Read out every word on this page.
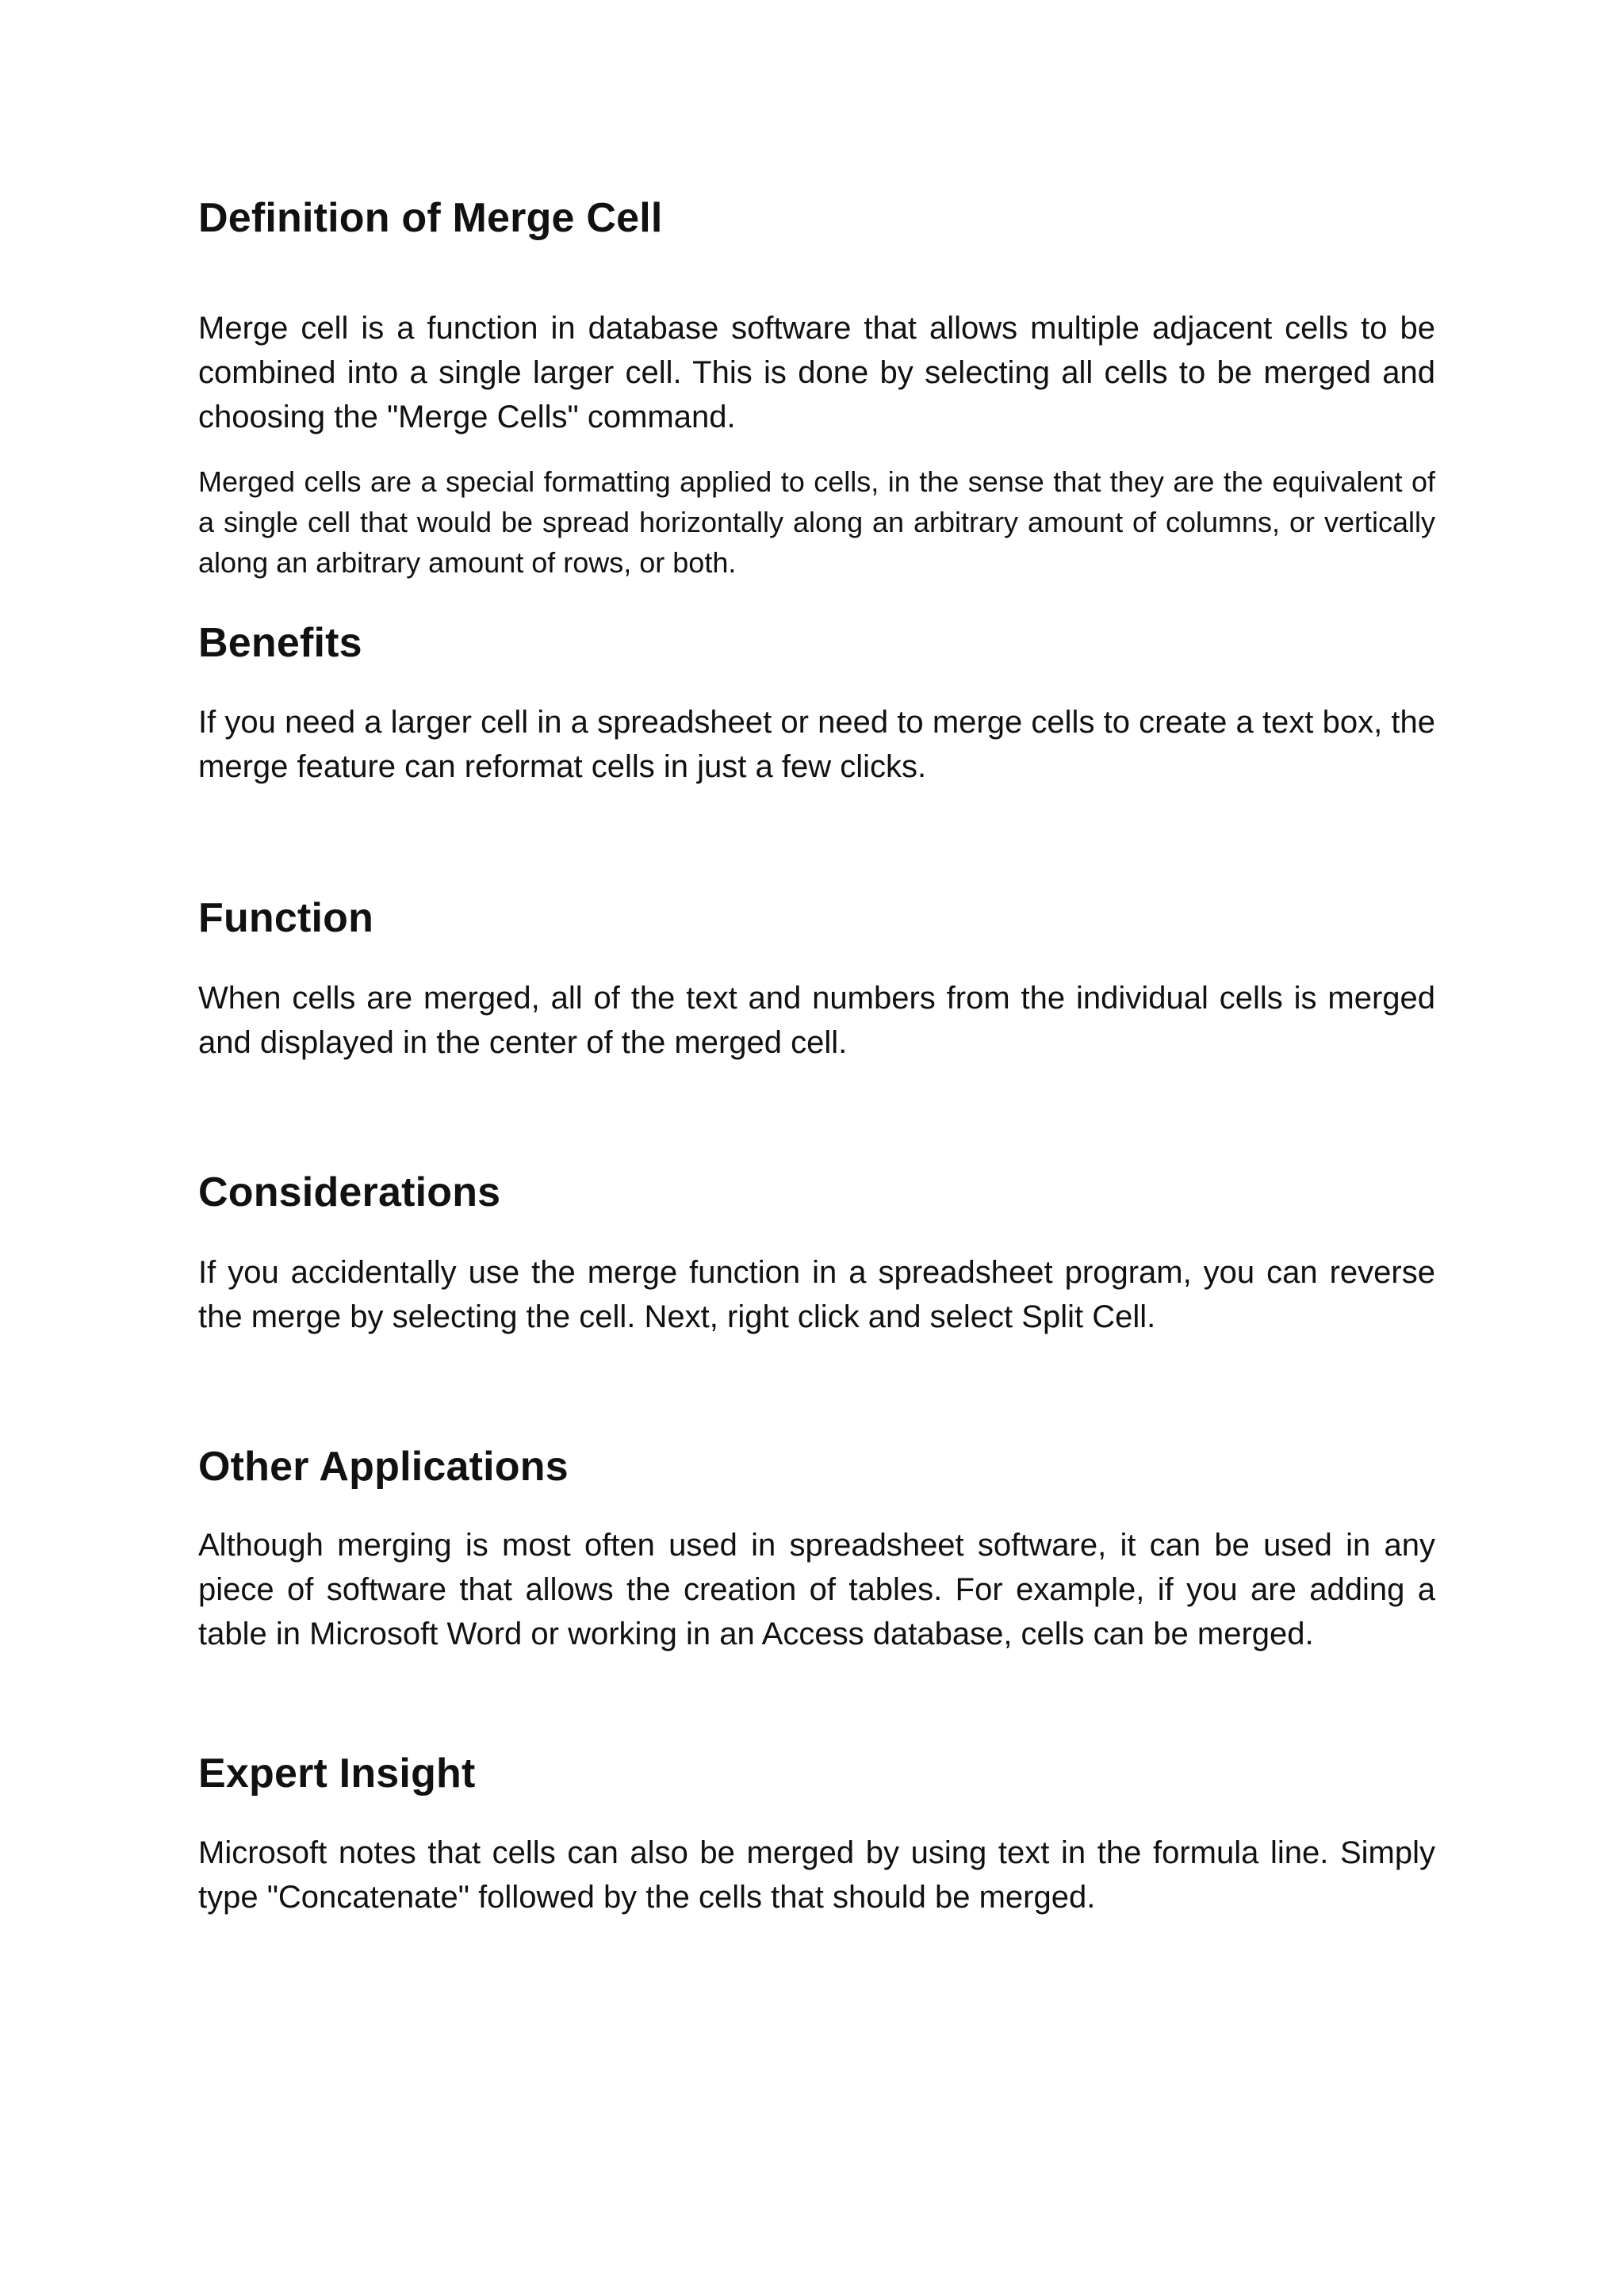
Definition of Merge Cell

Merge cell is a function in database software that allows multiple adjacent cells to be combined into a single larger cell. This is done by selecting all cells to be merged and choosing the "Merge Cells" command.

Merged cells are a special formatting applied to cells, in the sense that they are the equivalent of a single cell that would be spread horizontally along an arbitrary amount of columns, or vertically along an arbitrary amount of rows, or both.

Benefits

If you need a larger cell in a spreadsheet or need to merge cells to create a text box, the merge feature can reformat cells in just a few clicks.

Function

When cells are merged, all of the text and numbers from the individual cells is merged and displayed in the center of the merged cell.

Considerations

If you accidentally use the merge function in a spreadsheet program, you can reverse the merge by selecting the cell. Next, right click and select Split Cell.

Other Applications

Although merging is most often used in spreadsheet software, it can be used in any piece of software that allows the creation of tables. For example, if you are adding a table in Microsoft Word or working in an Access database, cells can be merged.

Expert Insight

Microsoft notes that cells can also be merged by using text in the formula line. Simply type "Concatenate" followed by the cells that should be merged.
